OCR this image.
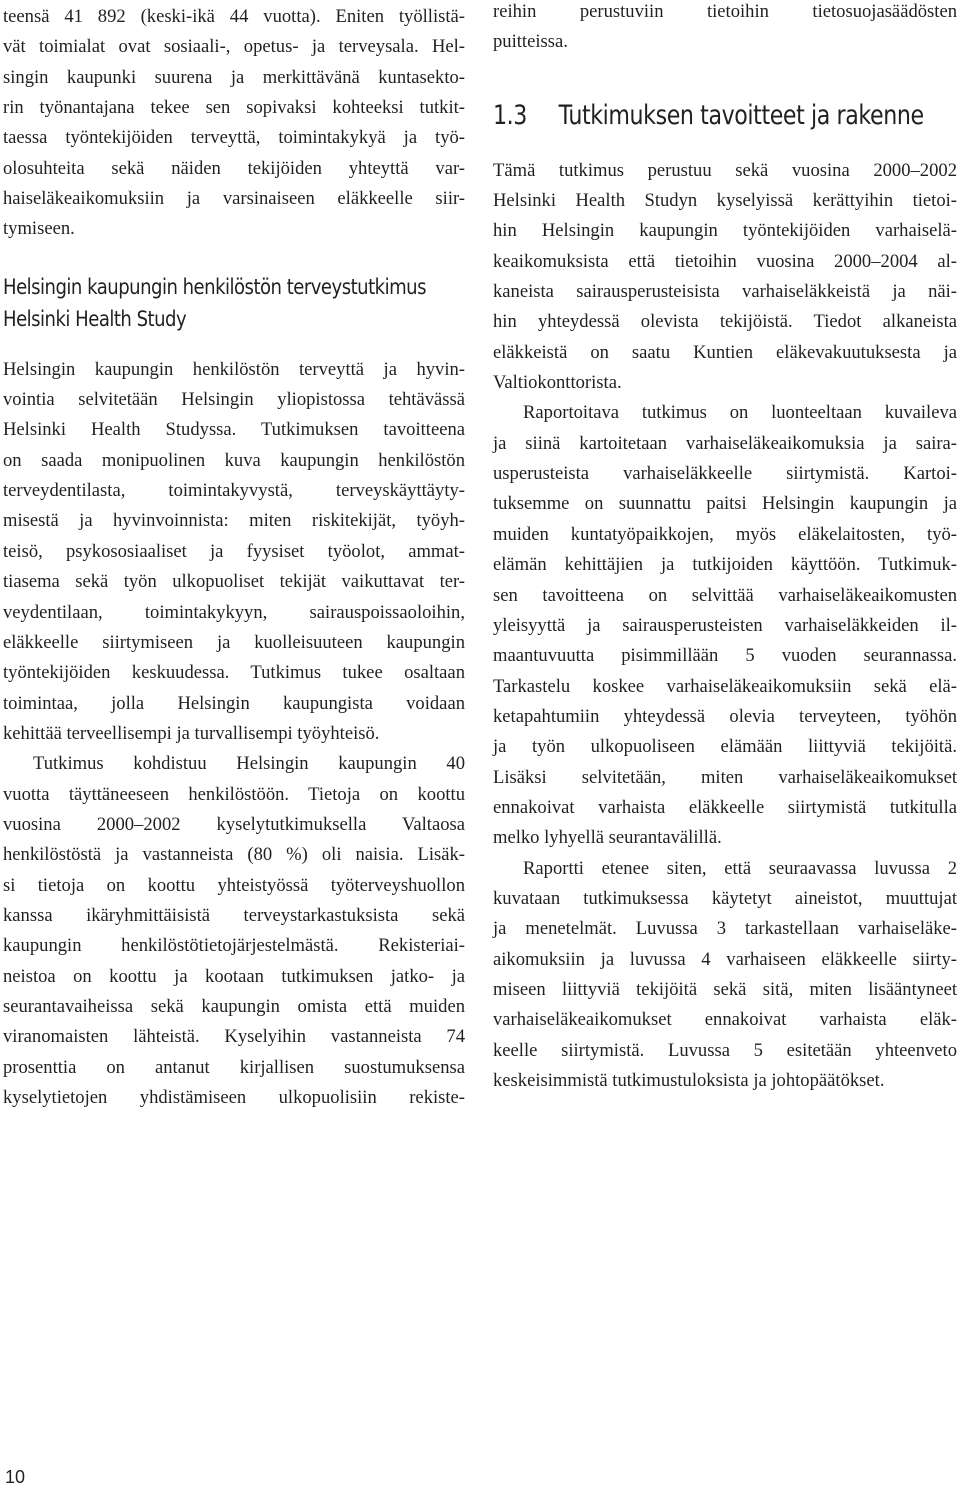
teensä 41 892 (keski-ikä 44 vuotta). Eniten työllistä-
vät toimialat ovat sosiaali-, opetus- ja terveysala. Hel-
singin kaupunki suurena ja merkittävänä kuntasekto-
rin työnantajana tekee sen sopivaksi kohteeksi tutkit-
taessa työntekijöiden terveyttä, toimintakykyä ja työ-
olosuhteita sekä näiden tekijöiden yhteyttä var-
haiseläkeaikomuksiin ja varsinaiseen eläkkeelle siir-
tymiseen.
Helsingin kaupungin henkilöstön terveystutkimus
Helsinki Health Study
Helsingin kaupungin henkilöstön terveyttä ja hyvin-
vointia selvitetään Helsingin yliopistossa tehtävässä
Helsinki Health Studyssa. Tutkimuksen tavoitteena
on saada monipuolinen kuva kaupungin henkilöstön
terveydentilasta, toimintakyvystä, terveyskäyttäyty-
misestä ja hyvinvoinnista: miten riskitekijät, työyh-
teisö, psykososiaaliset ja fyysiset työolot, ammat-
tiasema sekä työn ulkopuoliset tekijät vaikuttavat ter-
veydentilaan, toimintakykyyn, sairauspoissaoloihin,
eläkkeelle siirtymiseen ja kuolleisuuteen kaupungin
työntekijöiden keskuudessa. Tutkimus tukee osaltaan
toimintaa, jolla Helsingin kaupungista voidaan
kehittää terveellisempi ja turvallisempi työyhteisö.
Tutkimus kohdistuu Helsingin kaupungin 40
vuotta täyttäneeseen henkilöstöön. Tietoja on koottu
vuosina 2000–2002 kyselytutkimuksella Valtaosa
henkilöstöstä ja vastanneista (80 %) oli naisia. Lisäk-
si tietoja on koottu yhteistyössä työterveyshuollon
kanssa ikäryhmittäisistä terveystarkastuksista sekä
kaupungin henkilöstötietojärjestelmästä. Rekisteriai-
neistoa on koottu ja kootaan tutkimuksen jatko- ja
seurantavaiheissa sekä kaupungin omista että muiden
viranomaisten lähteistä. Kyselyihin vastanneista 74
prosenttia on antanut kirjallisen suostumuksensa
kyselytietojen yhdistämiseen ulkopuolisiin rekiste-
reihin perustuviin tietoihin tietosuojasäädösten
puitteissa.
1.3 Tutkimuksen tavoitteet ja rakenne
Tämä tutkimus perustuu sekä vuosina 2000–2002
Helsinki Health Studyn kyselyissä kerättyihin tietoi-
hin Helsingin kaupungin työntekijöiden varhaiselä-
keaikomuksista että tietoihin vuosina 2000–2004 al-
kaneista sairausperusteisista varhaiseläkkeistä ja näi-
hin yhteydessä olevista tekijöistä. Tiedot alkaneista
eläkkeistä on saatu Kuntien eläkevakuutuksesta ja
Valtiokonttorista.
Raportoitava tutkimus on luonteeltaan kuvaileva
ja siinä kartoitetaan varhaiseläkeaikomuksia ja saira-
usperusteista varhaiseläkkeelle siirtymistä. Kartoi-
tuksemme on suunnattu paitsi Helsingin kaupungin ja
muiden kuntatyöpaikkojen, myös eläkelaitosten, työ-
elämän kehittäjien ja tutkijoiden käyttöön. Tutkimuk-
sen tavoitteena on selvittää varhaiseläkeaikomusten
yleisyyttä ja sairausperusteisten varhaiseläkkeiden il-
maantuvuutta pisimmillään 5 vuoden seurannassa.
Tarkastelu koskee varhaiseläkeaikomuksiin sekä elä-
ketapahtumiin yhteydessä olevia terveyteen, työhön
ja työn ulkopuoliseen elämään liittyviä tekijöitä.
Lisäksi selvitetään, miten varhaiseläkeaikomukset
ennakoivat varhaista eläkkeelle siirtymistä tutkitulla
melko lyhyellä seurantavälillä.
Raportti etenee siten, että seuraavassa luvussa 2
kuvataan tutkimuksessa käytetyt aineistot, muuttujat
ja menetelmät. Luvussa 3 tarkastellaan varhaiseläke-
aikomuksiin ja luvussa 4 varhaiseen eläkkeelle siirty-
miseen liittyviä tekijöitä sekä sitä, miten lisääntyneet
varhaiseläkeaikomukset ennakoivat varhaista eläk-
keelle siirtymistä. Luvussa 5 esitetään yhteenveto
keskeisimmistä tutkimustuloksista ja johtopäätökset.
10
